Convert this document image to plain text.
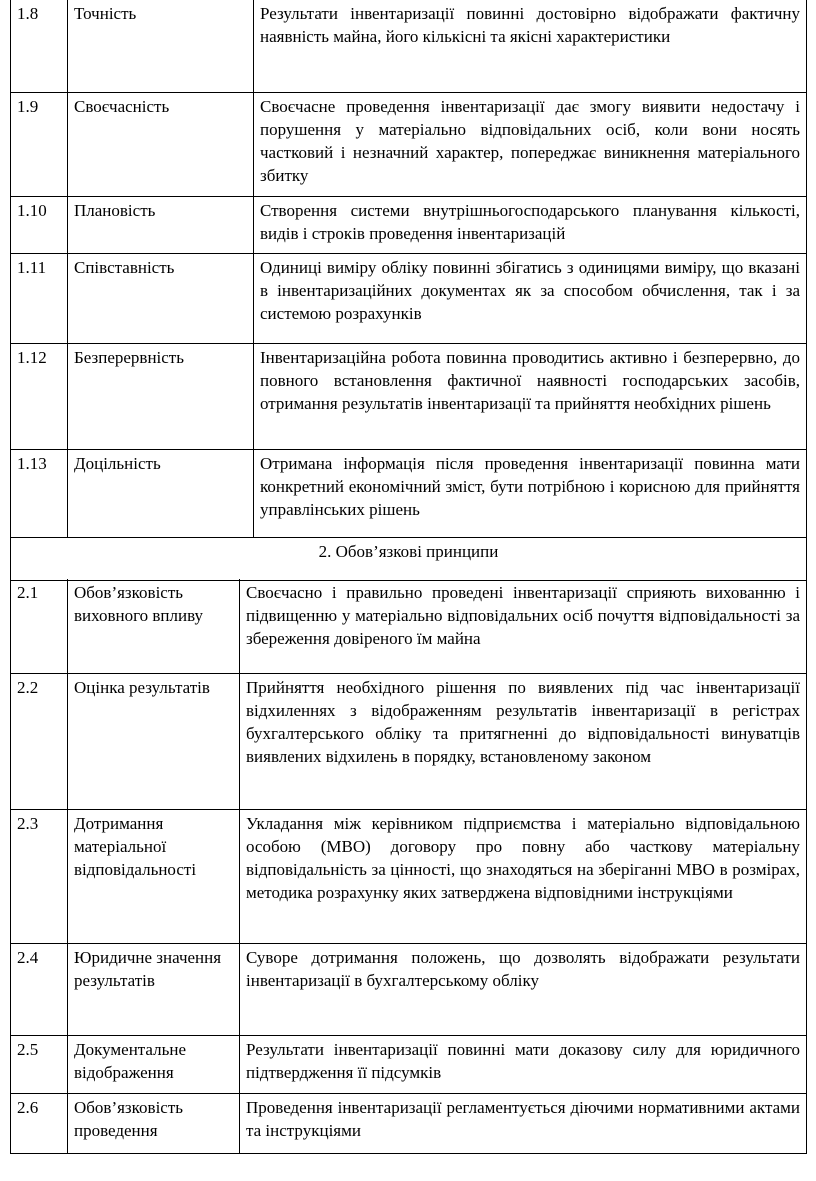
1.8	Точність	Результати інвентаризації повинні достовірно відображати фактичну наявність майна, його кількісні та якісні характеристики
1.9	Своєчасність	Своєчасне проведення інвентаризації дає змогу виявити недостачу і порушення у матеріально відповідальних осіб, коли вони носять частковий і незначний характер, попереджає виникнення матеріального збитку
1.10	Плановість	Створення системи внутрішньогосподарського планування кількості, видів і строків проведення інвентаризацій
1.11	Співставність	Одиниці виміру обліку повинні збігатись з одиницями виміру, що вказані в інвентаризаційних документах як за способом обчислення, так і за системою розрахунків
1.12	Безперервність	Інвентаризаційна робота повинна проводитись активно і безперервно, до повного встановлення фактичної наявності господарських засобів, отримання результатів інвентаризації та прийняття необхідних рішень
1.13	Доцільність	Отримана інформація після проведення інвентаризації повинна мати конкретний економічний зміст, бути потрібною і корисною для прийняття управлінських рішень
2. Обов’язкові принципи		
2.1	Обов’язковість виховного впливу	Своєчасно і правильно проведені інвентаризації сприяють вихованню і підвищенню у матеріально відповідальних осіб почуття відповідальності за збереження довіреного їм майна
2.2	Оцінка результатів	Прийняття необхідного рішення по виявлених під час інвентаризації відхиленнях з відображенням результатів інвентаризації в регістрах бухгалтерського обліку та притягненні до відповідальності винуватців виявлених відхилень в порядку, встановленому законом
2.3	Дотримання матеріальної відповідальності	Укладання між керівником підприємства і матеріально відповідальною особою (МВО) договору про повну або часткову матеріальну відповідальність за цінності, що знаходяться на зберіганні МВО в розмірах, методика розрахунку яких затверджена відповідними інструкціями
2.4	Юридичне значення результатів	Суворе дотримання положень, що дозволять відображати результати інвентаризації в бухгалтерському обліку
2.5	Документальне відображення	Результати інвентаризації повинні мати доказову силу для юридичного підтвердження її підсумків
2.6	Обов’язковість проведення	Проведення інвентаризації регламентується діючими нормативними актами та інструкціями
